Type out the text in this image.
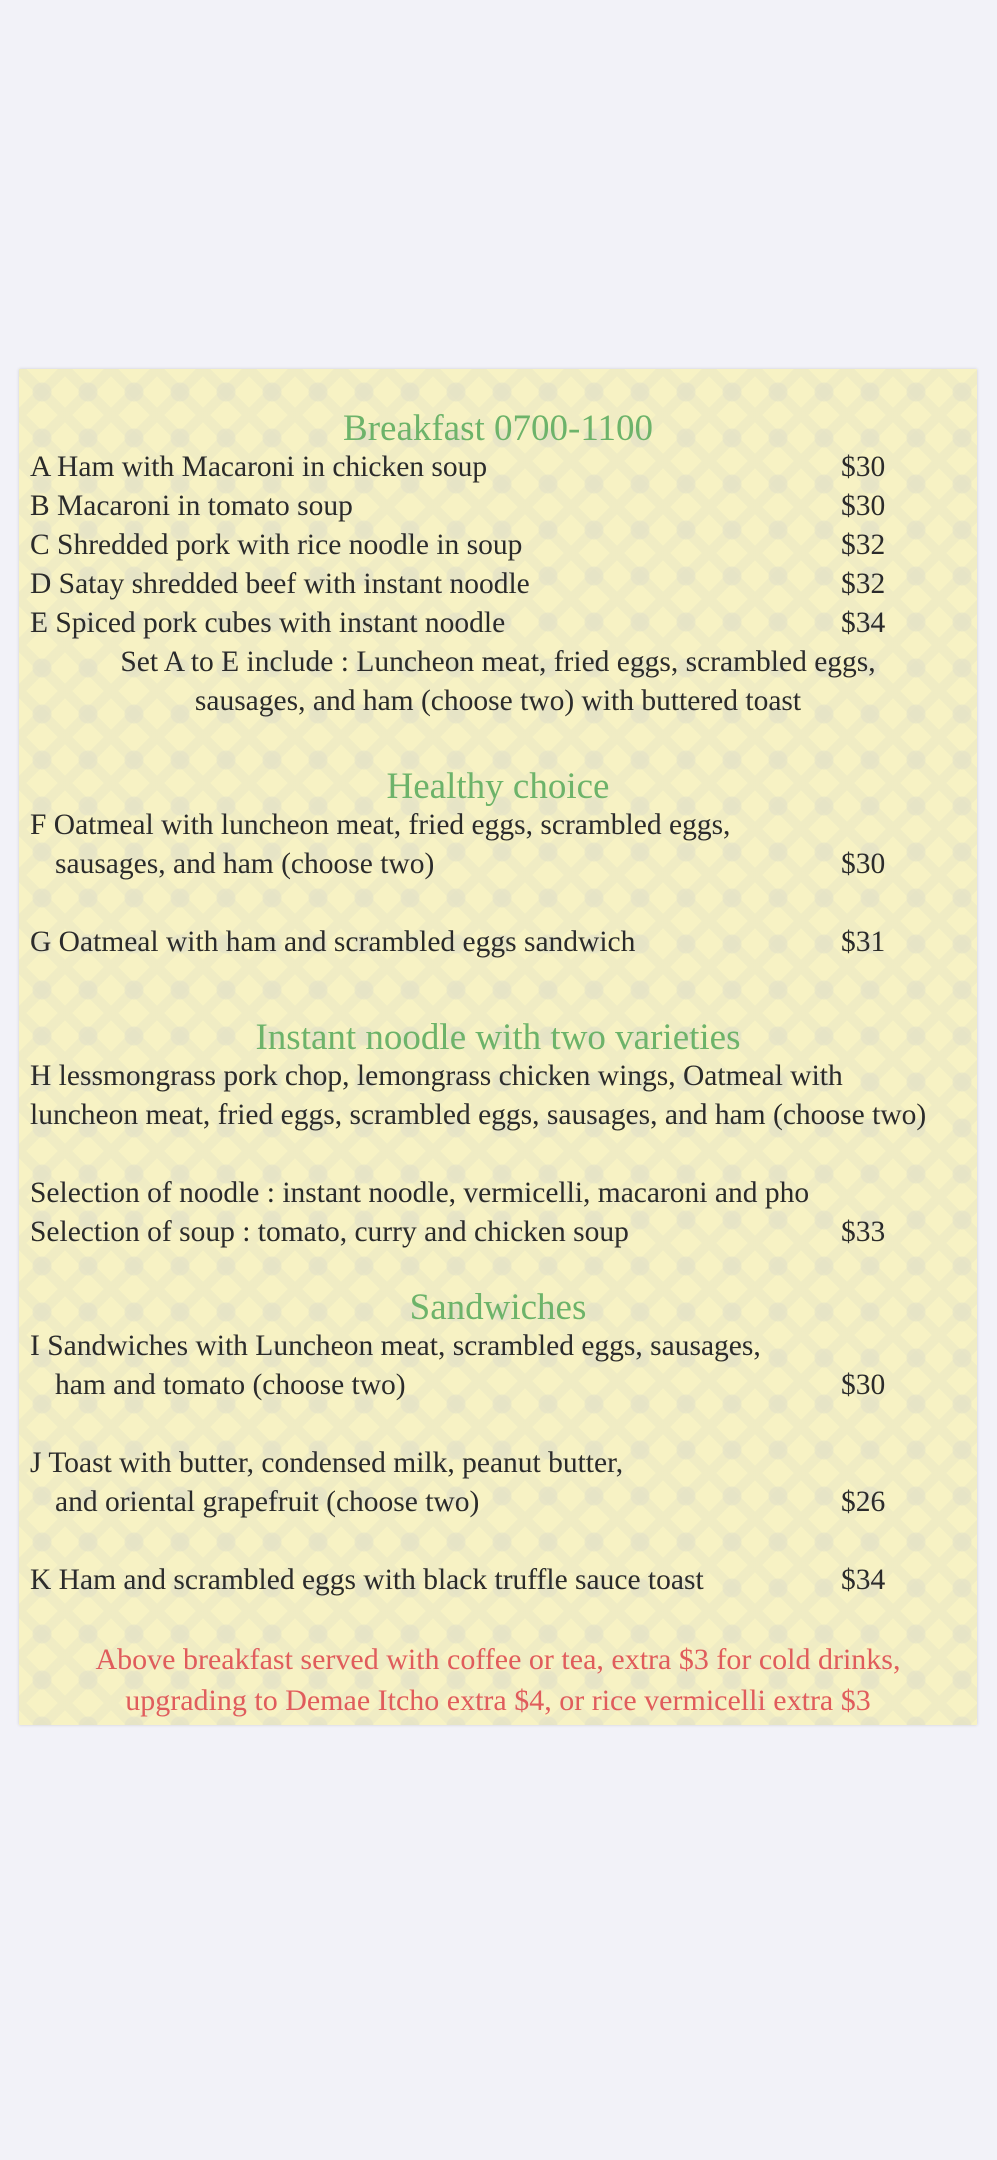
Breakfast 0700-1100
A Ham with Macaroni in chicken soup	$30
B Macaroni in tomato soup	$30
C Shredded pork with rice noodle in soup	$32
D Satay shredded beef with instant noodle	$32
E Spiced pork cubes with instant noodle	$34
Set A to E include : Luncheon meat, fried eggs, scrambled eggs,
sausages, and ham (choose two) with buttered toast
Healthy choice
F Oatmeal with luncheon meat, fried eggs, scrambled eggs,
sausages, and ham (choose two)	$30
G Oatmeal with ham and scrambled eggs sandwich	$31
Instant noodle with two varieties
H lessmongrass pork chop, lemongrass chicken wings, Oatmeal with
luncheon meat, fried eggs, scrambled eggs, sausages, and ham (choose two)
Selection of noodle : instant noodle, vermicelli, macaroni and pho
Selection of soup : tomato, curry and chicken soup	$33
Sandwiches
I Sandwiches with Luncheon meat, scrambled eggs, sausages,
ham and tomato (choose two)	$30
J Toast with butter, condensed milk, peanut butter,
and oriental grapefruit (choose two)	$26
K Ham and scrambled eggs with black truffle sauce toast	$34
Above breakfast served with coffee or tea, extra $3 for cold drinks,
upgrading to Demae Itcho extra $4, or rice vermicelli extra $3
